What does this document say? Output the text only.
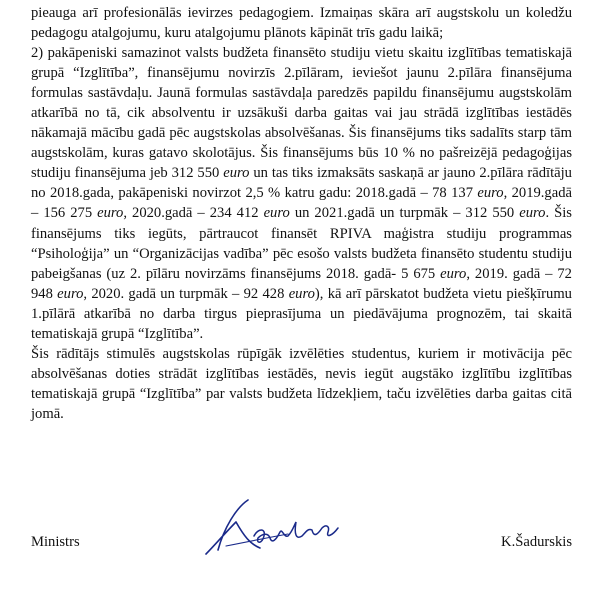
pieauga arī profesionālās ievirzes pedagogiem. Izmaiņas skāra arī augstskolu un koledžu pedagogu atalgojumu, kuru atalgojumu plānots kāpināt trīs gadu laikā;

2) pakāpeniski samazinot valsts budžeta finansēto studiju vietu skaitu izglītības tematiskajā grupā “Izglītība”, finansējumu novirzīs 2.pīlāram, ieviešot jaunu 2.pīlāra finansējuma formulas sastāvdaļu. Jaunā formulas sastāvdaļa paredzēs papildu finansējumu augstskolām atkarībā no tā, cik absolventu ir uzsākuši darba gaitas vai jau strādā izglītības iestādēs nākamajā mācību gadā pēc augstskolas absolvēšanas. Šis finansējums tiks sadalīts starp tām augstskolām, kuras gatavo skolotājus. Šis finansējums būs 10 % no pašreizējā pedagoģijas studiju finansējuma jeb 312 550 euro un tas tiks izmaksāts saskaņā ar jauno 2.pīlāra rādītāju no 2018.gada, pakāpeniski novirzot 2,5 % katru gadu: 2018.gadā – 78 137 euro, 2019.gadā – 156 275 euro, 2020.gadā – 234 412 euro un 2021.gadā un turpmāk – 312 550 euro. Šis finansējums tiks iegūts, pārtraucot finansēt RPIVA maģistra studiju programmas “Psiholoģija” un “Organizācijas vadība” pēc esošo valsts budžeta finansēto studentu studiju pabeigšanas (uz 2. pīlāru novirzāms finansējums 2018. gadā- 5 675 euro, 2019. gadā – 72 948 euro, 2020. gadā un turpmāk – 92 428 euro), kā arī pārskatot budžeta vietu piešķīrumu 1.pīlārā atkarībā no darba tirgus pieprasījuma un piedāvājuma prognozēm, tai skaitā tematiskajā grupā “Izglītība”.

Šis rādītājs stimulēs augstskolas rūpīgāk izvēlēties studentus, kuriem ir motivācija pēc absolvēšanas doties strādāt izglītības iestādēs, nevis iegūt augstāko izglītību izglītības tematiskajā grupā “Izglītība” par valsts budžeta līdzekļiem, taču izvēlēties darba gaitas citā jomā.

Ministrs	K.Šadurskis
